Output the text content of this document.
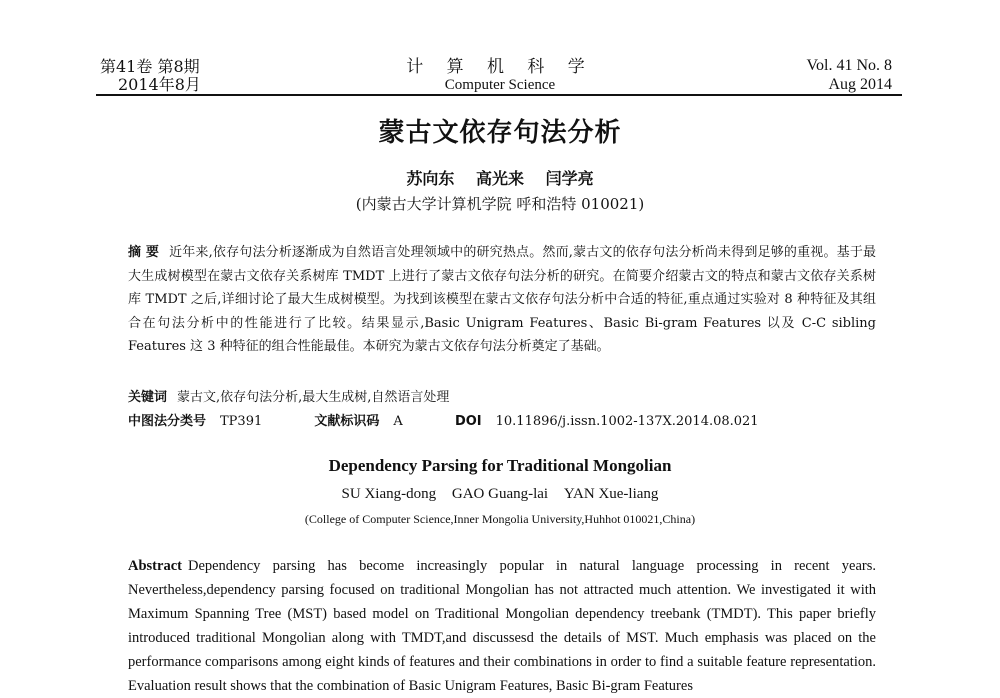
第41卷 第8期
2014年8月
计 算 机 科 学
Computer Science
Vol. 41 No. 8
Aug 2014
蒙古文依存句法分析
苏向东 高光来 闫学亮
(内蒙古大学计算机学院 呼和浩特 010021)
摘 要 近年来,依存句法分析逐渐成为自然语言处理领域中的研究热点。然而,蒙古文的依存句法分析尚未得到足够的重视。基于最大生成树模型在蒙古文依存关系树库 TMDT 上进行了蒙古文依存句法分析的研究。在简要介绍蒙古文的特点和蒙古文依存关系树库 TMDT 之后,详细讨论了最大生成树模型。为找到该模型在蒙古文依存句法分析中合适的特征,重点通过实验对 8 种特征及其组合在句法分析中的性能进行了比较。结果显示,Basic Unigram Features、Basic Bi-gram Features 以及 C-C sibling Features 这 3 种特征的组合性能最佳。本研究为蒙古文依存句法分析奠定了基础。
关键词 蒙古文,依存句法分析,最大生成树,自然语言处理
中图法分类号 TP391	文献标识码 A	DOI 10.11896/j.issn.1002-137X.2014.08.021
Dependency Parsing for Traditional Mongolian
SU Xiang-dong GAO Guang-lai YAN Xue-liang
(College of Computer Science,Inner Mongolia University,Huhhot 010021,China)
Abstract Dependency parsing has become increasingly popular in natural language processing in recent years. Nevertheless,dependency parsing focused on traditional Mongolian has not attracted much attention. We investigated it with Maximum Spanning Tree (MST) based model on Traditional Mongolian dependency treebank (TMDT). This paper briefly introduced traditional Mongolian along with TMDT,and discussesd the details of MST. Much emphasis was placed on the performance comparisons among eight kinds of features and their combinations in order to find a suitable feature representation. Evaluation result shows that the combination of Basic Unigram Features, Basic Bi-gram Features
